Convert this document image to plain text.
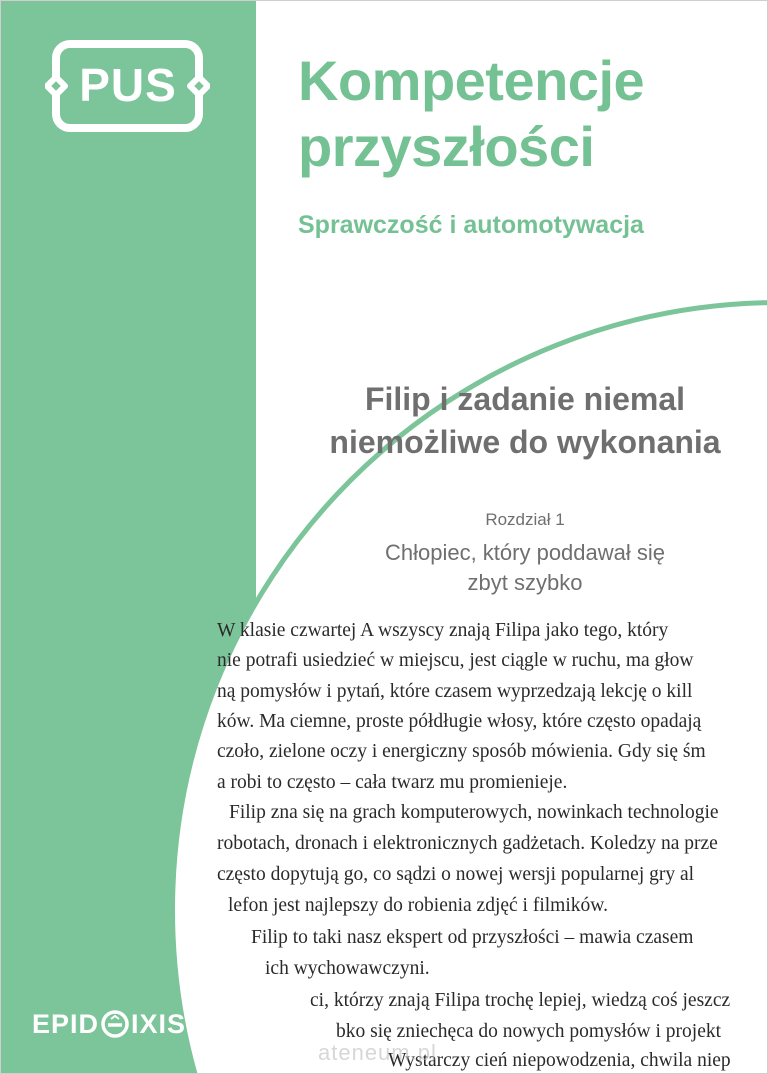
PUS Kompetencje
przyszłości
Sprawczość i automotywacja
Filip i zadanie niemal
niemożliwe do wykonania
Rozdział 1
Chłopiec, który poddawał się
zbyt szybko
W klasie czwartej A wszyscy znają Filipa jako tego, który
nie potrafi usiedzieć w miejscu, jest ciągle w ruchu, ma głow
ną pomysłów i pytań, które czasem wyprzedzają lekcję o kill
ków. Ma ciemne, proste półdługie włosy, które często opadają
czoło, zielone oczy i energiczny sposób mówienia. Gdy się śm
a robi to często – cała twarz mu promienieje.
Filip zna się na grach komputerowych, nowinkach technologie
robotach, dronach i elektronicznych gadżetach. Koledzy na prze
często dopytują go, co sądzi o nowej wersji popularnej gry al
lefon jest najlepszy do robienia zdjęć i filmików.
Filip to taki nasz ekspert od przyszłości – mawia czasem
ich wychowawczyni.
ci, którzy znają Filipa trochę lepiej, wiedzą coś jeszcz
bko się zniechęca do nowych pomysłów i projekt
Wystarczy cień niepowodzenia, chwila niep
EPID IXIS®
ateneum.pl
